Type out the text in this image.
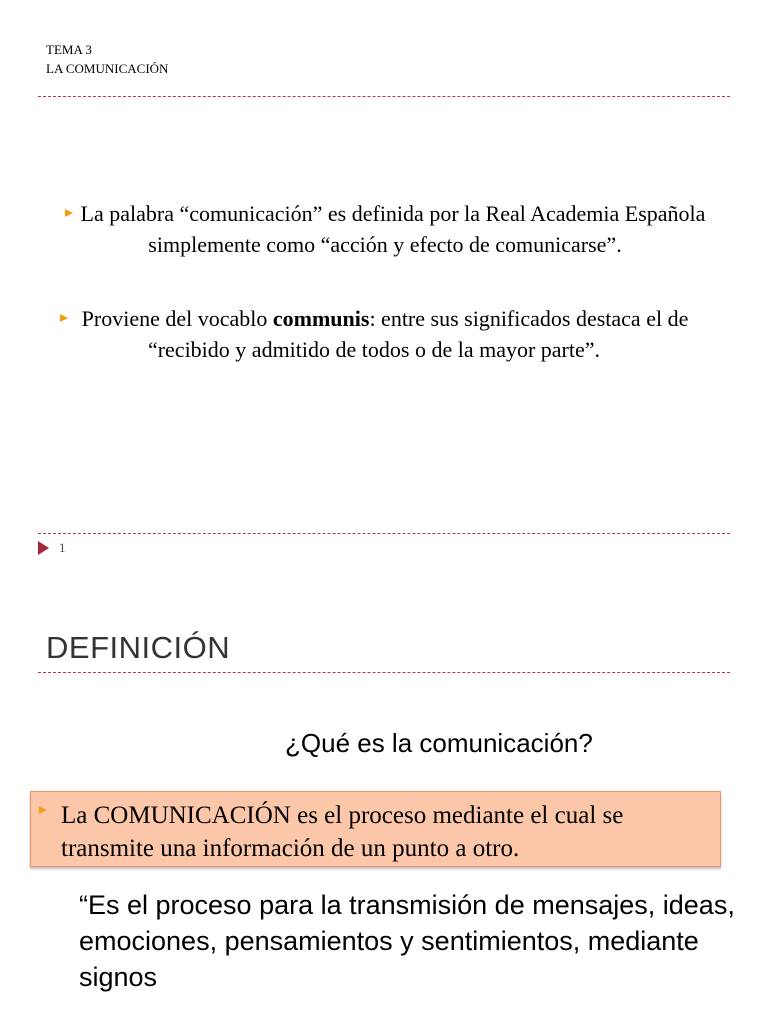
TEMA 3
LA COMUNICACIÓN
La palabra “comunicación” es definida por la Real Academia Española simplemente como “acción y efecto de comunicarse”.
Proviene del vocablo communis: entre sus significados destaca el de “recibido y admitido de todos o de la mayor parte”.
1
DEFINICIÓN
¿Qué es la comunicación?
La COMUNICACIÓN es el proceso mediante el cual se transmite una información de un punto a otro.
“Es el proceso para la transmisión de mensajes, ideas, emociones, pensamientos y sentimientos, mediante signos
